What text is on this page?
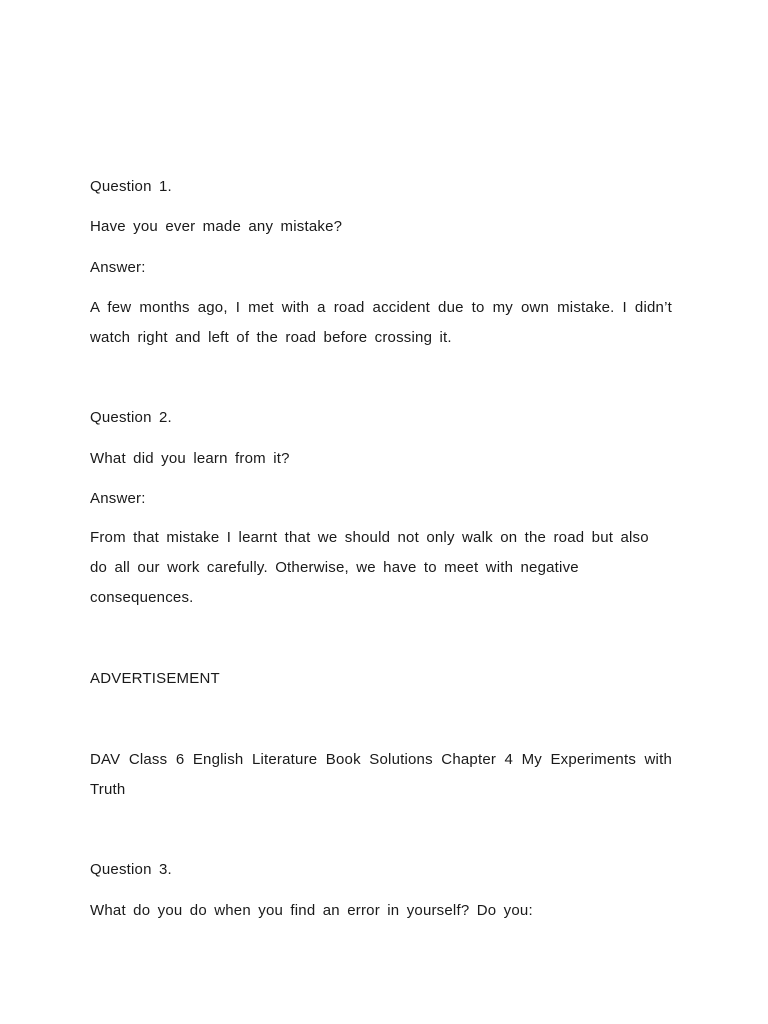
Question 1.
Have you ever made any mistake?
Answer:
A few months ago, I met with a road accident due to my own mistake. I didn’t watch right and left of the road before crossing it.
Question 2.
What did you learn from it?
Answer:
From that mistake I learnt that we should not only walk on the road but also
do all our work carefully. Otherwise, we have to meet with negative
consequences.
ADVERTISEMENT
DAV Class 6 English Literature Book Solutions Chapter 4 My Experiments with Truth
Question 3.
What do you do when you find an error in yourself? Do you:
